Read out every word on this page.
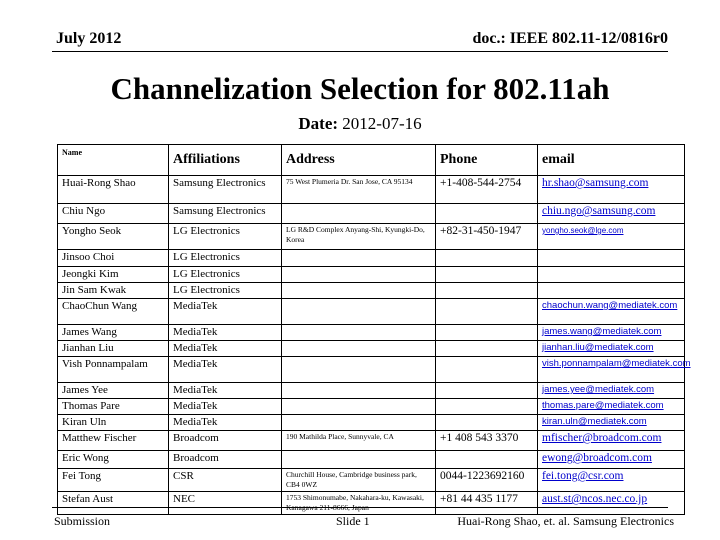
July 2012	doc.: IEEE 802.11-12/0816r0
Channelization Selection for 802.11ah
Date: 2012-07-16
Name	Affiliations	Address	Phone	email
Huai-Rong Shao	Samsung Electronics	75 West Plumeria Dr. San Jose, CA 95134	+1-408-544-2754	hr.shao@samsung.com
Chiu Ngo	Samsung Electronics			chiu.ngo@samsung.com
Yongho Seok	LG Electronics	LG R&D Complex Anyang-Shi, Kyungki-Do, Korea	+82-31-450-1947	yongho.seok@lge.com
Jinsoo Choi	LG Electronics			
Jeongki Kim	LG Electronics			
Jin Sam Kwak	LG Electronics			
ChaoChun Wang	MediaTek			chaochun.wang@mediatek.com
James Wang	MediaTek			james.wang@mediatek.com
Jianhan Liu	MediaTek			jianhan.liu@mediatek.com
Vish Ponnampalam	MediaTek			vish.ponnampalam@mediatek.com
James Yee	MediaTek			james.yee@mediatek.com
Thomas Pare	MediaTek			thomas.pare@mediatek.com
Kiran Uln	MediaTek			kiran.uln@mediatek.com
Matthew Fischer	Broadcom	190 Mathilda Place, Sunnyvale, CA	+1 408 543 3370	mfischer@broadcom.com
Eric Wong	Broadcom			ewong@broadcom.com
Fei Tong	CSR	Churchill House, Cambridge business park, CB4 0WZ	0044-1223692160	fei.tong@csr.com
Stefan Aust	NEC	1753 Shimonumabe, Nakahara-ku, Kawasaki, Kanagawa 211-8666, Japan	+81 44 435 1177	aust.st@ncos.nec.co.jp
Submission	Slide 1	Huai-Rong Shao, et. al. Samsung Electronics
